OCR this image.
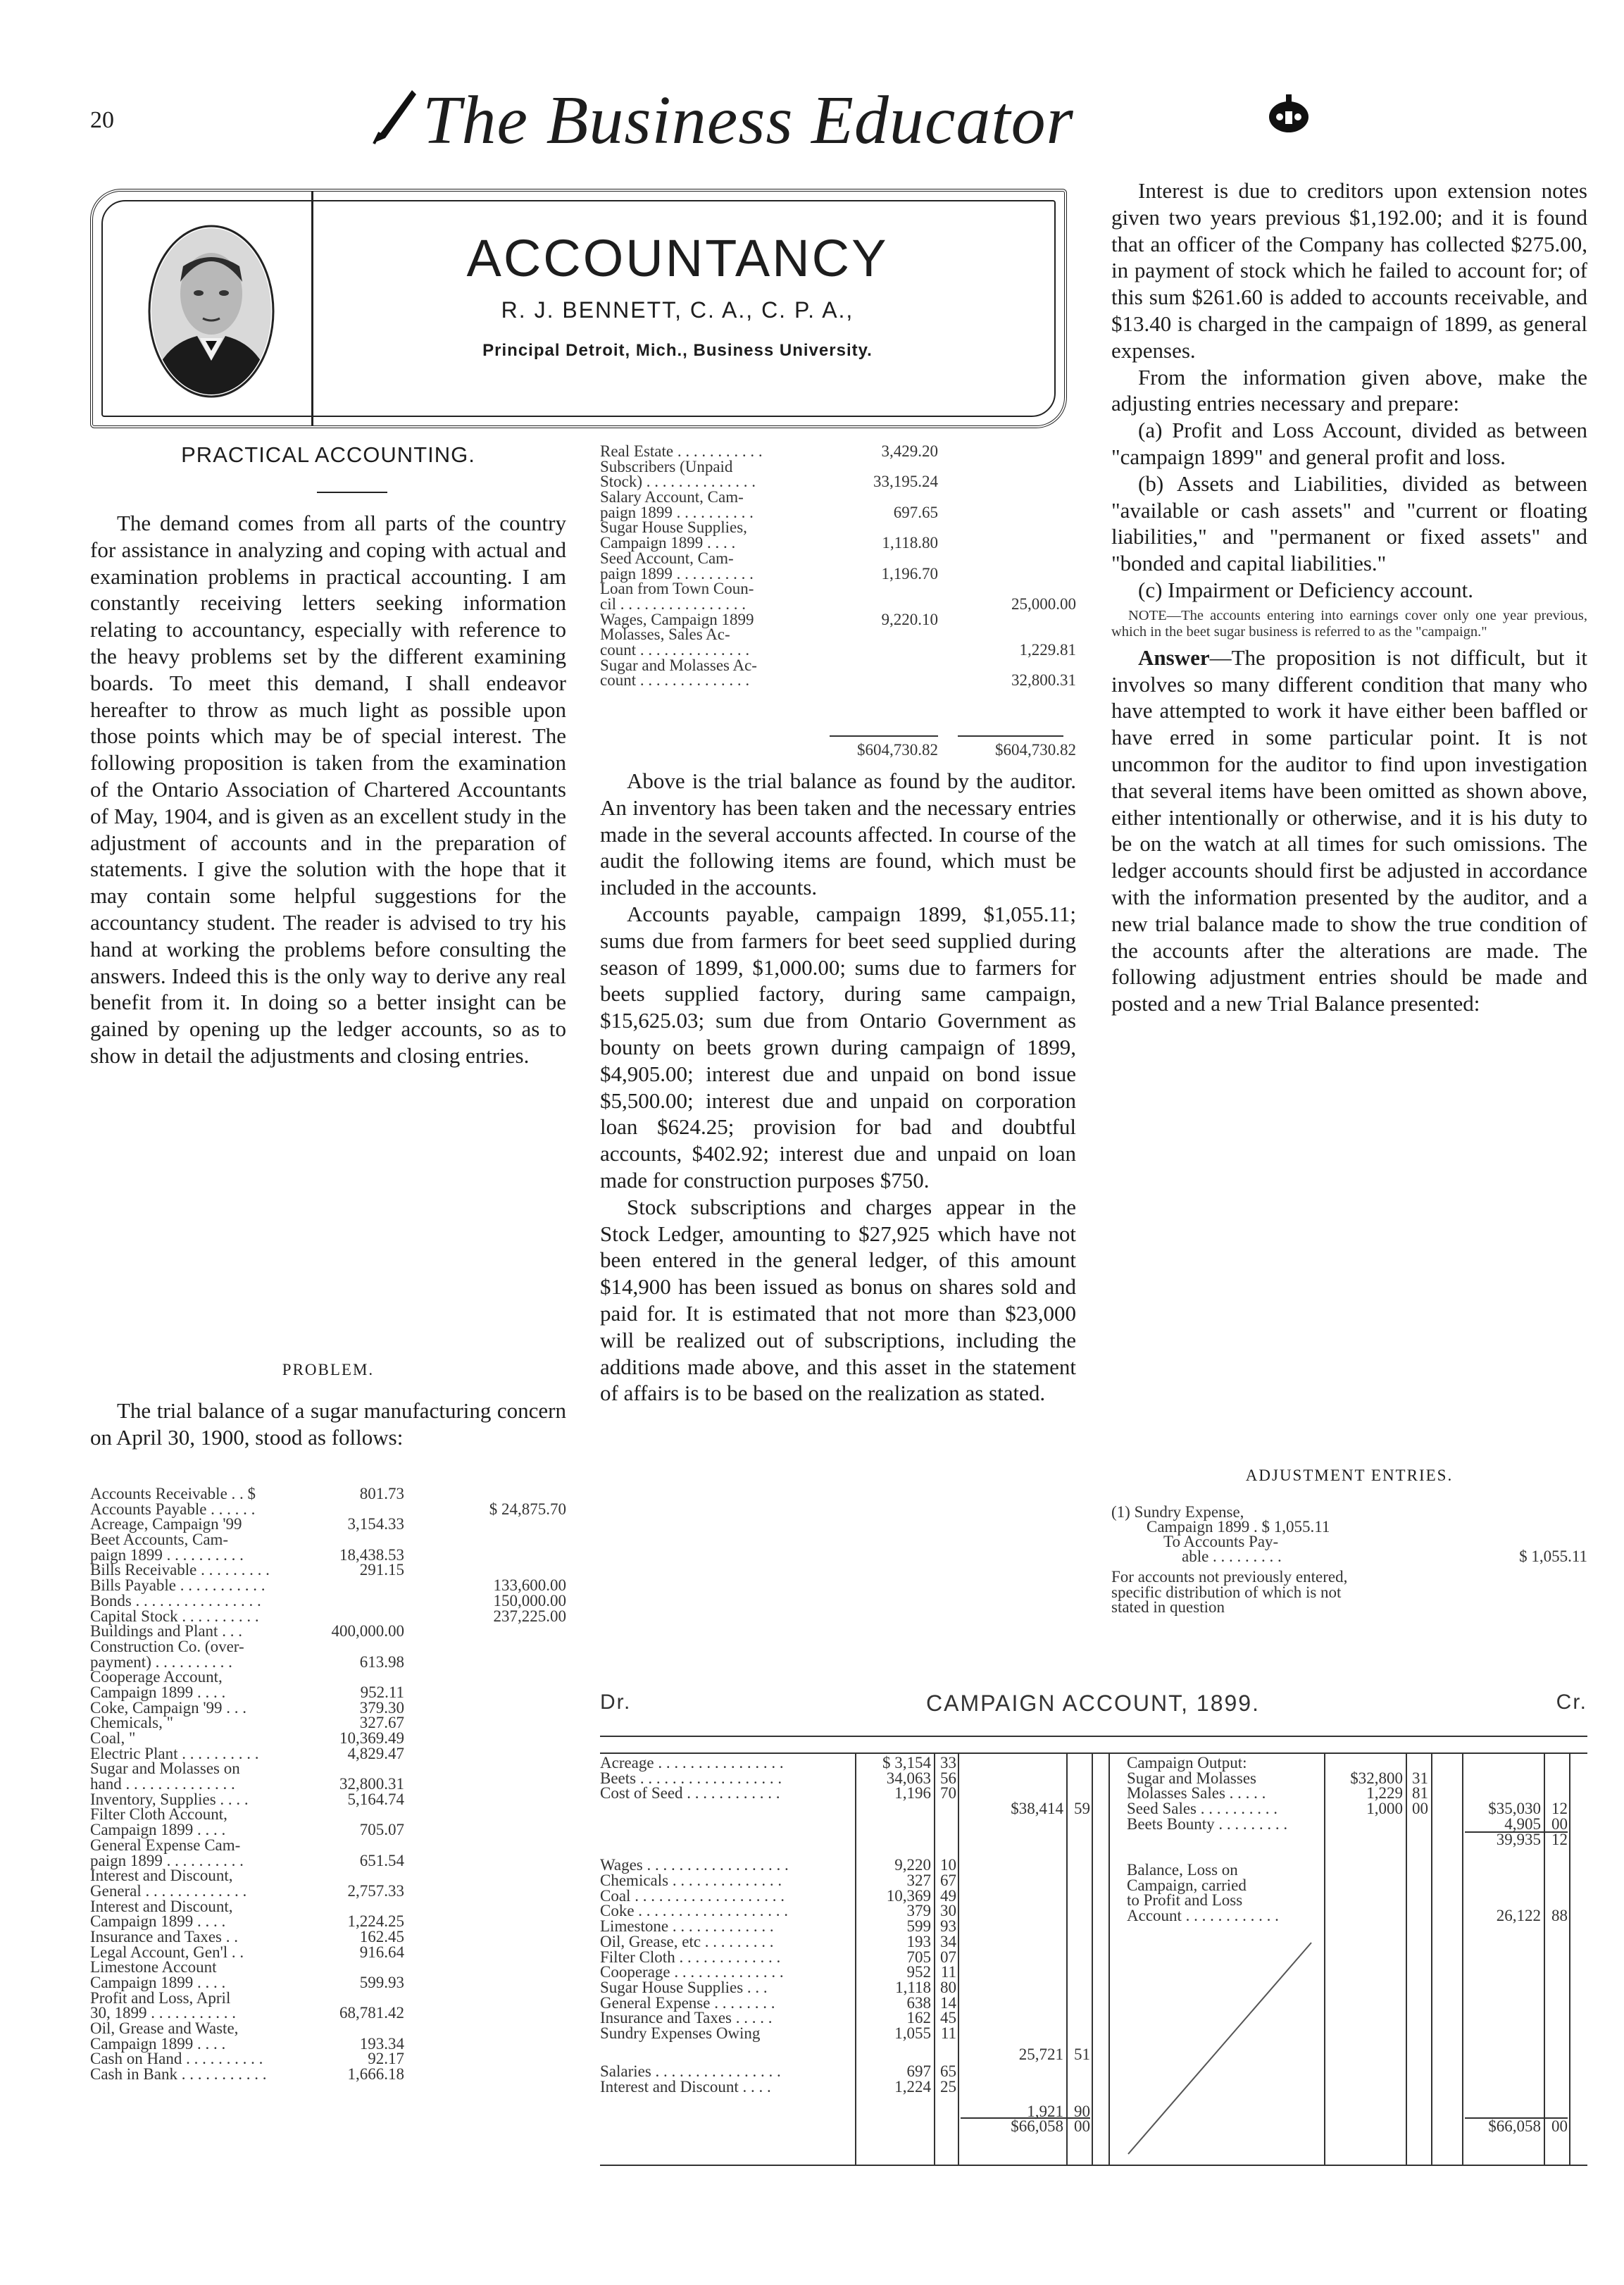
20	The Business Educator
ACCOUNTANCY
R. J. BENNETT, C. A., C. P. A.,
Principal Detroit, Mich., Business University.
PRACTICAL ACCOUNTING.

The demand comes from all parts of the country for assistance in analyzing and coping with actual and examination problems in practical accounting. I am constantly receiving letters seeking information relating to accountancy, especially with reference to the heavy problems set by the different examining boards. To meet this demand, I shall endeavor hereafter to throw as much light as possible upon those points which may be of special interest. The following proposition is taken from the examination of the Ontario Association of Chartered Accountants of May, 1904, and is given as an excellent study in the adjustment of accounts and in the preparation of statements. I give the solution with the hope that it may contain some helpful suggestions for the accountancy student. The reader is advised to try his hand at working the problems before consulting the answers. Indeed this is the only way to derive any real benefit from it. In doing so a better insight can be gained by opening up the ledger accounts, so as to show in detail the adjustments and closing entries.

PROBLEM.

The trial balance of a sugar manufacturing concern on April 30, 1900, stood as follows:

Accounts Receivable . . $	801.73
Accounts Payable . . . . . .	$ 24,875.70
Acreage, Campaign '99	3,154.33
Beet Accounts, Cam-
paign 1899 . . . . . . . . . .	18,438.53
Bills Receivable . . . . . . . . .	291.15
Bills Payable . . . . . . . . . . .	133,600.00
Bonds . . . . . . . . . . . . . . . .	150,000.00
Capital Stock . . . . . . . . . .	237,225.00
Buildings and Plant . . .	400,000.00
Construction Co. (over-
payment) . . . . . . . . . .	613.98
Cooperage Account,
Campaign 1899 . . . .	952.11
Coke, Campaign '99 . . .	379.30
Chemicals, "	327.67
Coal, "	10,369.49
Electric Plant . . . . . . . . . .	4,829.47
Sugar and Molasses on
hand . . . . . . . . . . . . . .	32,800.31
Inventory, Supplies . . . .	5,164.74
Filter Cloth Account,
Campaign 1899 . . . .	705.07
General Expense Cam-
paign 1899 . . . . . . . . . .	651.54
Interest and Discount,
General . . . . . . . . . . . . .	2,757.33
Interest and Discount,
Campaign 1899 . . . .	1,224.25
Insurance and Taxes . .	162.45
Legal Account, Gen'l . .	916.64
Limestone Account
Campaign 1899 . . . .	599.93
Profit and Loss, April
30, 1899 . . . . . . . . . . .	68,781.42
Oil, Grease and Waste,
Campaign 1899 . . . .	193.34
Cash on Hand . . . . . . . . . .	92.17
Cash in Bank . . . . . . . . . . .	1,666.18
Real Estate . . . . . . . . . . .	3,429.20
Subscribers (Unpaid
Stock) . . . . . . . . . . . . . .	33,195.24
Salary Account, Cam-
paign 1899 . . . . . . . . . .	697.65
Sugar House Supplies,
Campaign 1899 . . . .	1,118.80
Seed Account, Cam-
paign 1899 . . . . . . . . . .	1,196.70
Loan from Town Coun-
cil . . . . . . . . . . . . . . . .	25,000.00
Wages, Campaign 1899	9,220.10
Molasses, Sales Ac-
count . . . . . . . . . . . . . .	1,229.81
Sugar and Molasses Ac-
count . . . . . . . . . . . . . .	32,800.31
$604,730.82	$604,730.82

Above is the trial balance as found by the auditor. An inventory has been taken and the necessary entries made in the several accounts affected. In course of the audit the following items are found, which must be included in the accounts.

Accounts payable, campaign 1899, $1,055.11; sums due from farmers for beet seed supplied during season of 1899, $1,000.00; sums due to farmers for beets supplied factory, during same campaign, $15,625.03; sum due from Ontario Government as bounty on beets grown during campaign of 1899, $4,905.00; interest due and unpaid on bond issue $5,500.00; interest due and unpaid on corporation loan $624.25; provision for bad and doubtful accounts, $402.92; interest due and unpaid on loan made for construction purposes $750.

Stock subscriptions and charges appear in the Stock Ledger, amounting to $27,925 which have not been entered in the general ledger, of this amount $14,900 has been issued as bonus on shares sold and paid for. It is estimated that not more than $23,000 will be realized out of subscriptions, including the additions made above, and this asset in the statement of affairs is to be based on the realization as stated.

Interest is due to creditors upon extension notes given two years previous $1,192.00; and it is found that an officer of the Company has collected $275.00, in payment of stock which he failed to account for; of this sum $261.60 is added to accounts receivable, and $13.40 is charged in the campaign of 1899, as general expenses.

From the information given above, make the adjusting entries necessary and prepare:

(a) Profit and Loss Account, divided as between "campaign 1899" and general profit and loss.

(b) Assets and Liabilities, divided as between "available or cash assets" and "current or floating liabilities," and "permanent or fixed assets" and "bonded and capital liabilities."

(c) Impairment or Deficiency account.

NOTE—The accounts entering into earnings cover only one year previous, which in the beet sugar business is referred to as the "campaign."

Answer—The proposition is not difficult, but it involves so many different condition that many who have attempted to work it have either been baffled or have erred in some particular point. It is not uncommon for the auditor to find upon investigation that several items have been omitted as shown above, either intentionally or otherwise, and it is his duty to be on the watch at all times for such omissions. The ledger accounts should first be adjusted in accordance with the information presented by the auditor, and a new trial balance made to show the true condition of the accounts after the alterations are made. The following adjustment entries should be made and posted and a new Trial Balance presented:

ADJUSTMENT ENTRIES.
(1) Sundry Expense,
Campaign 1899 . $ 1,055.11
To Accounts Pay-
able . . . . . . . . .	$ 1,055.11
For accounts not previously entered, specific distribution of which is not stated in question
Dr.	CAMPAIGN ACCOUNT, 1899.	Cr.
Acreage . . . . . . . . . . . . . . . .	$ 3,154 33
Beets . . . . . . . . . . . . . . . . . .	34,063 56
Cost of Seed . . . . . . . . . . . .	1,196 70
$38,414 59
Wages . . . . . . . . . . . . . . . . . .	9,220 10
Chemicals . . . . . . . . . . . . . .	327 67
Coal . . . . . . . . . . . . . . . . . . .	10,369 49
Coke . . . . . . . . . . . . . . . . . . .	379 30
Limestone . . . . . . . . . . . . .	599 93
Oil, Grease, etc . . . . . . . . .	193 34
Filter Cloth . . . . . . . . . . . . .	705 07
Cooperage . . . . . . . . . . . . . .	952 11
Sugar House Supplies . . .	1,118 80
General Expense . . . . . . . .	638 14
Insurance and Taxes . . . . .	162 45
Sundry Expenses Owing	1,055 11
25,721 51
Salaries . . . . . . . . . . . . . . . .	697 65
Interest and Discount . . . .	1,224 25
1,921 90
$66,058 00
Campaign Output:
Sugar and Molasses	$32,800 31
Molasses Sales . . . . .	1,229 81
Seed Sales . . . . . . . . . .	1,000 00	$35,030 12
Beets Bounty . . . . . . . . .	4,905 00
39,935 12
Balance, Loss on
Campaign, carried
to Profit and Loss
Account . . . . . . . . . . . .	26,122 88
$66,058 00
